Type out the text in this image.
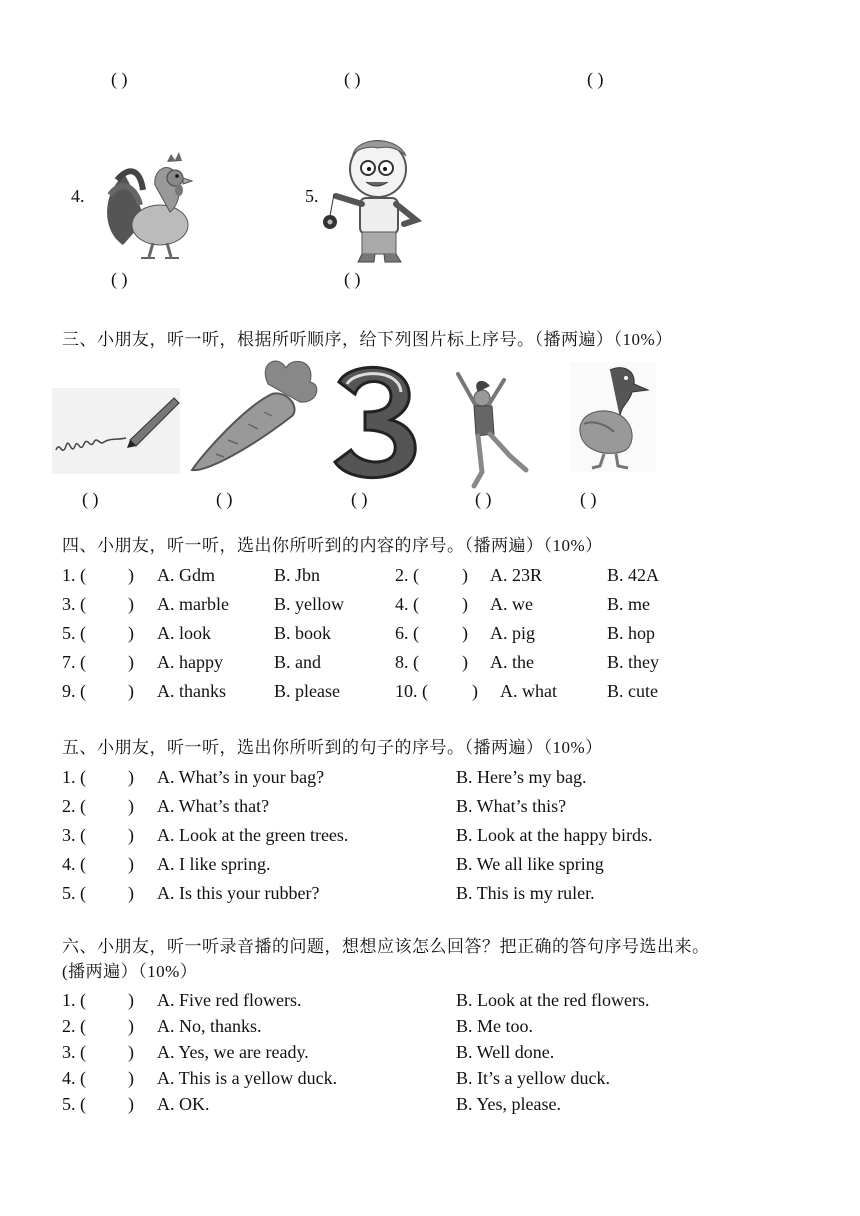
( )	( )	( )
4.
( )
5.
( )
三、小朋友，听一听，根据所听顺序，给下列图片标上序号。（播两遍）（10%）
( )	( )	( )	( )	( )
四、小朋友，听一听，选出你所听到的内容的序号。（播两遍）（10%）
1. ( ) A. Gdm	B. Jbn	2. ( ) A. 23R	B. 42A
3. ( ) A. marble	B. yellow	4. ( ) A. we	B. me
5. ( ) A. look	B. book	6. ( ) A. pig	B. hop
7. ( ) A. happy	B. and	8. ( ) A. the	B. they
9. ( ) A. thanks	B. please	10. ( ) A. what	B. cute
五、小朋友，听一听，选出你所听到的句子的序号。（播两遍）（10%）
1. ( ) A. What’s in your bag?	B. Here’s my bag.
2. ( ) A. What’s that?	B. What’s this?
3. ( ) A. Look at the green trees.	B. Look at the happy birds.
4. ( ) A. I like spring.	B. We all like spring
5. ( ) A. Is this your rubber?	B. This is my ruler.
六、小朋友，听一听录音播的问题，想想应该怎么回答？把正确的答句序号选出来。
(播两遍）（10%）
1. ( ) A. Five red flowers.	B. Look at the red flowers.
2. ( ) A. No, thanks.	B. Me too.
3. ( ) A. Yes, we are ready.	B. Well done.
4. ( ) A. This is a yellow duck.	B. It’s a yellow duck.
5. ( ) A. OK.	B. Yes, please.
